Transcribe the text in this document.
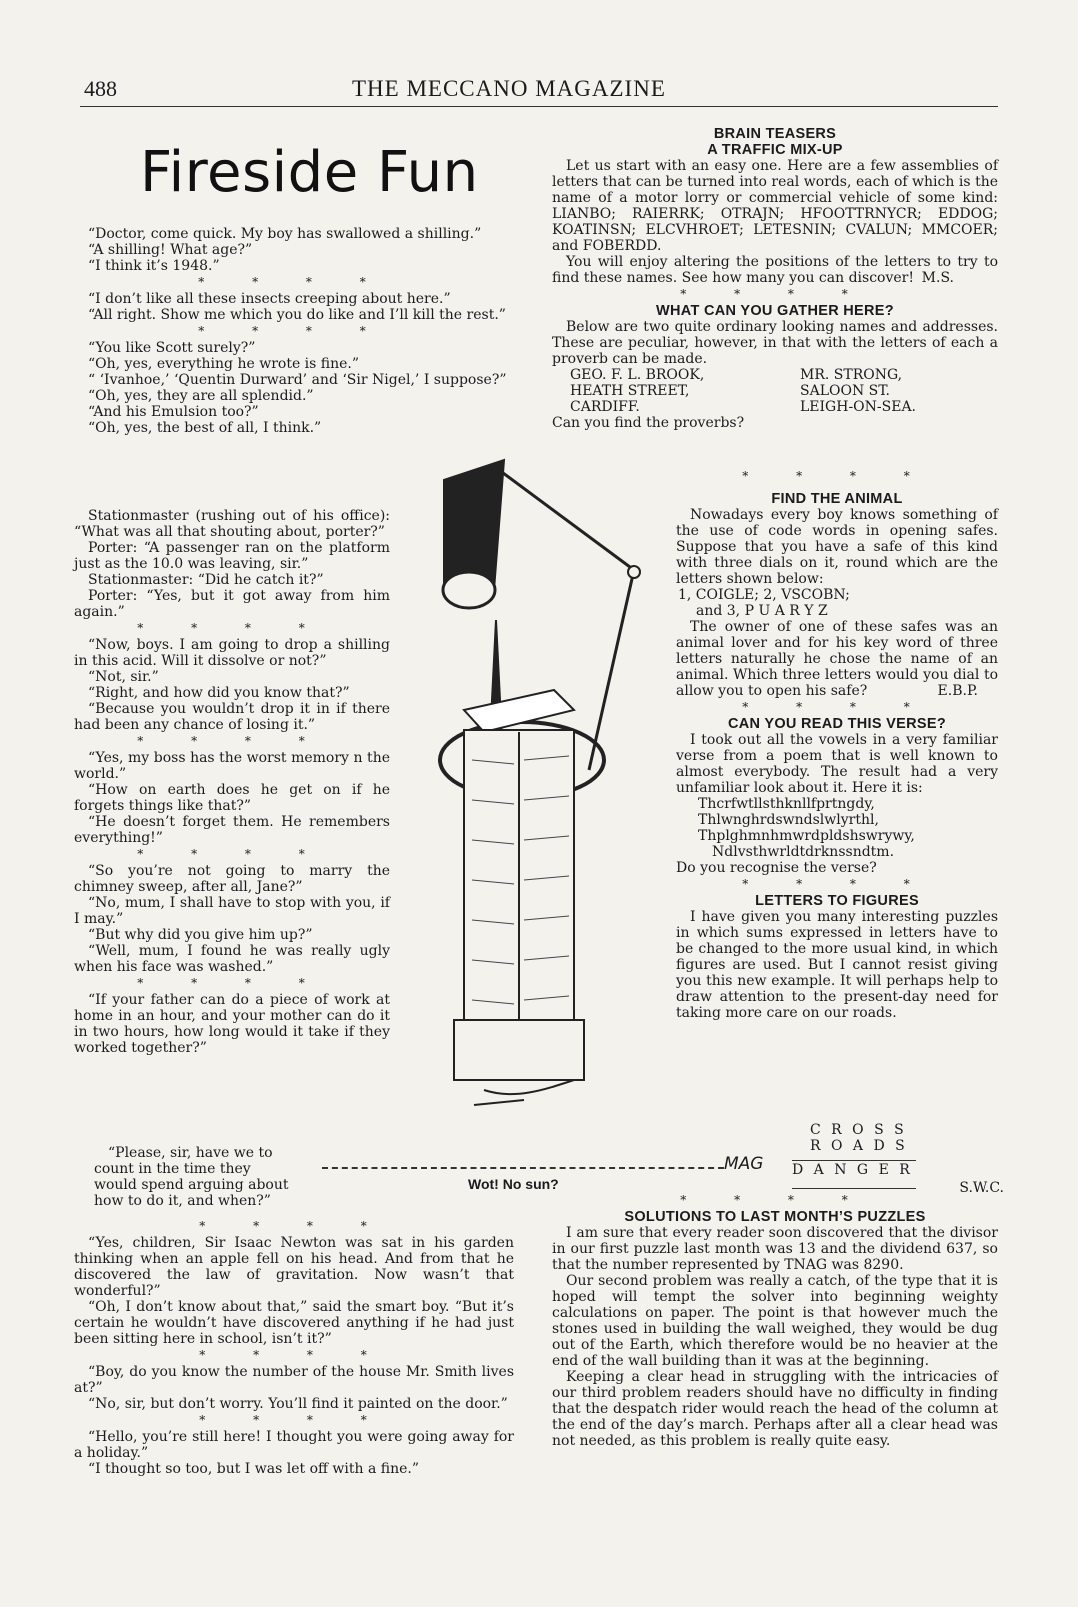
488	THE MECCANO MAGAZINE
Fireside Fun

“Doctor, come quick. My boy has swallowed a shilling.”

“A shilling! What age?”

“I think it’s 1948.”

* * * *

“I don’t like all these insects creeping about here.”

“All right. Show me which you do like and I’ll kill the rest.”

* * * *

“You like Scott surely?”

“Oh, yes, everything he wrote is fine.”

“ ‘Ivanhoe,’ ‘Quentin Durward’ and ‘Sir Nigel,’ I suppose?”

“Oh, yes, they are all splendid.”

“And his Emulsion too?”

“Oh, yes, the best of all, I think.”

Stationmaster (rushing out of his office): “What was all that shouting about, porter?”

Porter: “A passenger ran on the platform just as the 10.0 was leaving, sir.”

Stationmaster: “Did he catch it?”

Porter: “Yes, but it got away from him again.”

* * * *

“Now, boys. I am going to drop a shilling in this acid. Will it dissolve or not?”

“Not, sir.”

“Right, and how did you know that?”

“Because you wouldn’t drop it in if there had been any chance of losing it.”

* * * *

“Yes, my boss has the worst memory n the world.”

“How on earth does he get on if he forgets things like that?”

“He doesn’t forget them. He remembers everything!”

* * * *

“So you’re not going to marry the chimney sweep, after all, Jane?”

“No, mum, I shall have to stop with you, if I may.”

“But why did you give him up?”

“Well, mum, I found he was really ugly when his face was washed.”

* * * *

“If your father can do a piece of work at home in an hour, and your mother can do it in two hours, how long would it take if they worked together?”

“Please, sir, have we to count in the time they would spend arguing about how to do it, and when?”

* * * *

“Yes, children, Sir Isaac Newton was sat in his garden thinking when an apple fell on his head. And from that he discovered the law of gravitation. Now wasn’t that wonderful?”

“Oh, I don’t know about that,” said the smart boy. “But it’s certain he wouldn’t have discovered anything if he had just been sitting here in school, isn’t it?”

* * * *

“Boy, do you know the number of the house Mr. Smith lives at?”

“No, sir, but don’t worry. You’ll find it painted on the door.”

* * * *

“Hello, you’re still here! I thought you were going away for a holiday.”

“I thought so too, but I was let off with a fine.”

MAG
Wot! No sun?
BRAIN TEASERS
A TRAFFIC MIX-UP

Let us start with an easy one. Here are a few assemblies of letters that can be turned into real words, each of which is the name of a motor lorry or commercial vehicle of some kind: LIANBO; RAIERRK; OTRAJN; HFOOTTRNYCR; EDDOG; KOATINSN; ELCVHROET; LETESNIN; CVALUN; MMCOER; and FOBERDD.

You will enjoy altering the positions of the letters to try to find these names. See how many you can discover! M.S.

* * * *
WHAT CAN YOU GATHER HERE?

Below are two quite ordinary looking names and addresses. These are peculiar, however, in that with the letters of each a proverb can be made.

GEO. F. L. BROOK,	MR. STRONG,
HEATH STREET,	SALOON ST.
CARDIFF.	LEIGH-ON-SEA.

Can you find the proverbs?

* * * *
FIND THE ANIMAL

Nowadays every boy knows something of the use of code words in opening safes. Suppose that you have a safe of this kind with three dials on it, round which are the letters shown below:

1, COIGLE; 2, VSCOBN;

and 3, P U A R Y Z

The owner of one of these safes was an animal lover and for his key word of three letters naturally he chose the name of an animal. Which three letters would you dial to allow you to open his safe?	E.B.P.

* * * *
CAN YOU READ THIS VERSE?

I took out all the vowels in a very familiar verse from a poem that is well known to almost everybody. The result had a very unfamiliar look about it. Here it is:

Thcrfwtllsthknllfprtngdy,

Thlwnghrdswndslwlyrthl,

Thplghmnhmwrdpldshswrywy,

Ndlvsthwrldtdrknssndtm.

Do you recognise the verse?

* * * *
LETTERS TO FIGURES

I have given you many interesting puzzles in which sums expressed in letters have to be changed to the more usual kind, in which figures are used. But I cannot resist giving you this new example. It will perhaps help to draw attention to the present-day need for taking more care on our roads.

C R O S S
R O A D S
D A N G E R
S.W.C.
* * * *
SOLUTIONS TO LAST MONTH’S PUZZLES

I am sure that every reader soon discovered that the divisor in our first puzzle last month was 13 and the dividend 637, so that the number represented by TNAG was 8290.

Our second problem was really a catch, of the type that it is hoped will tempt the solver into beginning weighty calculations on paper. The point is that however much the stones used in building the wall weighed, they would be dug out of the Earth, which therefore would be no heavier at the end of the wall building than it was at the beginning.

Keeping a clear head in struggling with the intricacies of our third problem readers should have no difficulty in finding that the despatch rider would reach the head of the column at the end of the day’s march. Perhaps after all a clear head was not needed, as this problem is really quite easy.
